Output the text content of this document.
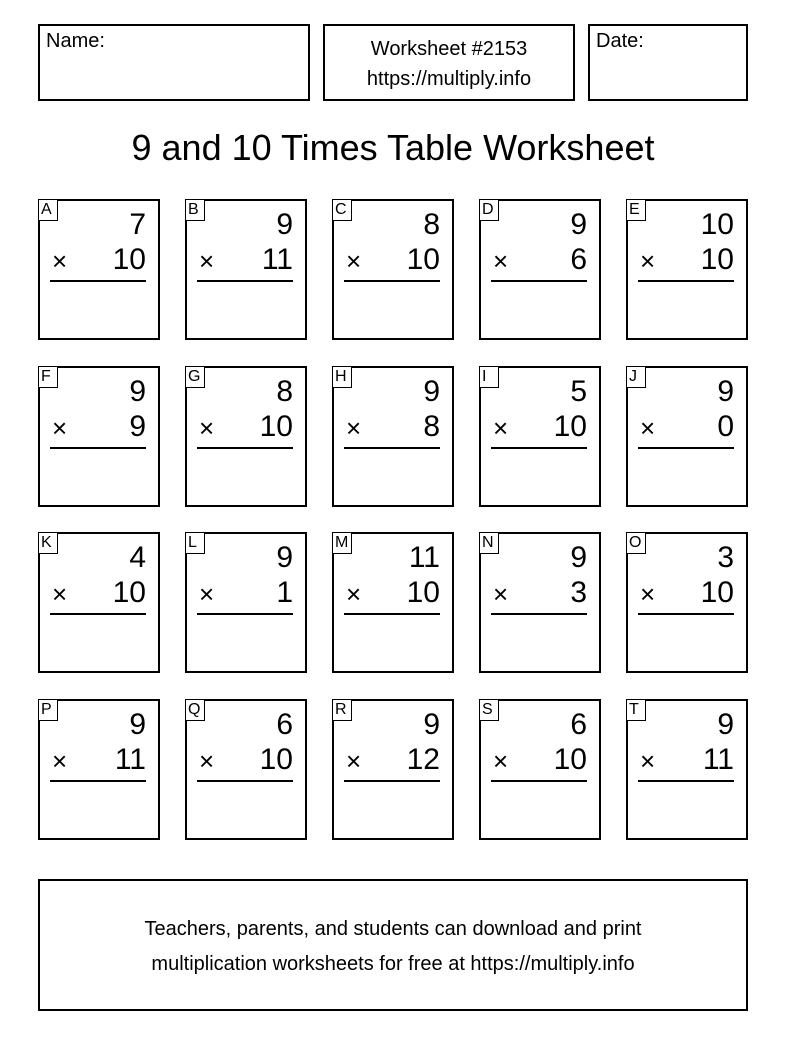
Name:	Worksheet #2153
https://multiply.info
Date:
9 and 10 Times Table Worksheet
A	7
× 10
B	9
× 11
C	8
× 10
D	9
× 6
E 10
× 10
F	9
× 9
G	8
× 10
H	9
× 8
I	5
× 10
J	9
× 0
K	4
× 10
L	9
× 1
M 11
× 10
N	9
× 3
O	3
× 10
P	9
× 11
Q	6
× 10
R	9
× 12
S	6
× 10
T	9
× 11
Teachers, parents, and students can download and print
multiplication worksheets for free at https://multiply.info
